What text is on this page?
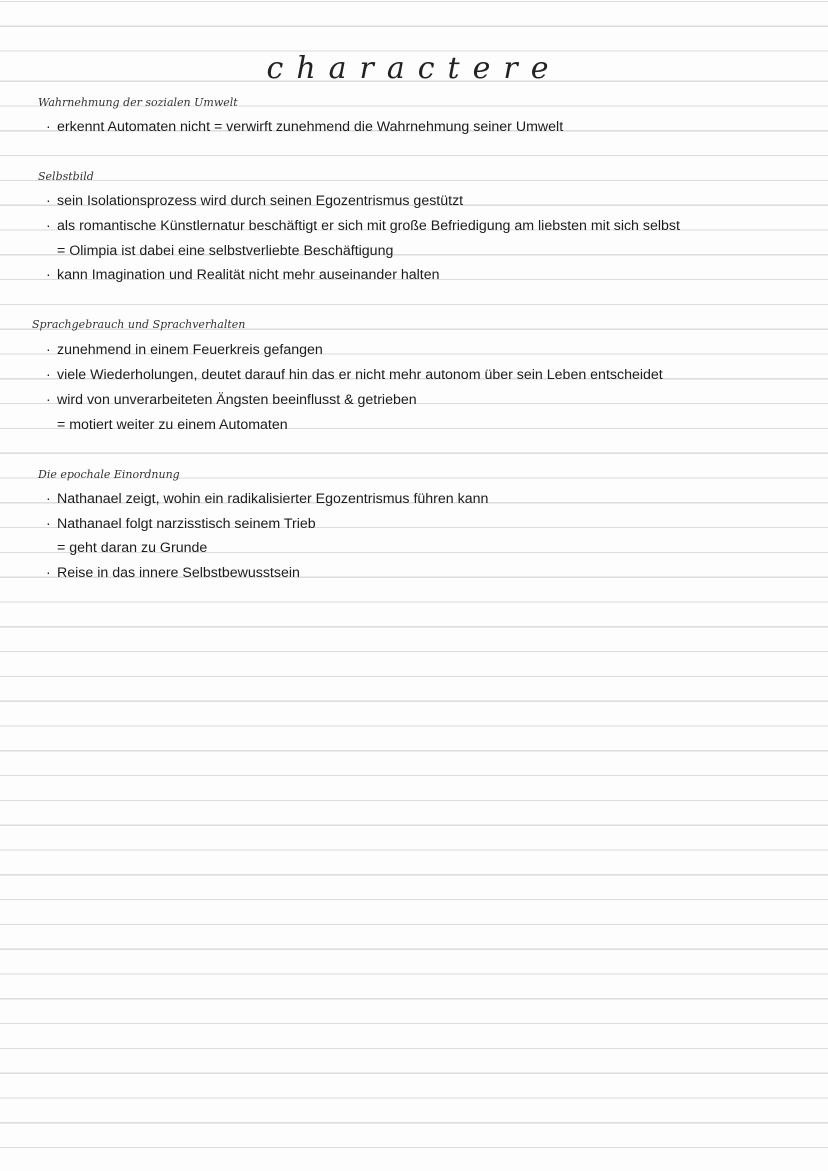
charactere
Wahrnehmung der sozialen Umwelt
· erkennt Automaten nicht = verwirft zunehmend die Wahrnehmung seiner Umwelt
Selbstbild
· sein Isolationsprozess wird durch seinen Egozentrismus gestützt
· als romantische Künstlernatur beschäftigt er sich mit große Befriedigung am liebsten mit sich selbst
= Olimpia ist dabei eine selbstverliebte Beschäftigung
· kann Imagination und Realität nicht mehr auseinander halten
Sprachgebrauch und Sprachverhalten
· zunehmend in einem Feuerkreis gefangen
· viele Wiederholungen, deutet darauf hin das er nicht mehr autonom über sein Leben entscheidet
· wird von unverarbeiteten Ängsten beeinflusst & getrieben
= motiert weiter zu einem Automaten
Die epochale Einordnung
· Nathanael zeigt, wohin ein radikalisierter Egozentrismus führen kann
· Nathanael folgt narzisstisch seinem Trieb
= geht daran zu Grunde
· Reise in das innere Selbstbewusstsein
